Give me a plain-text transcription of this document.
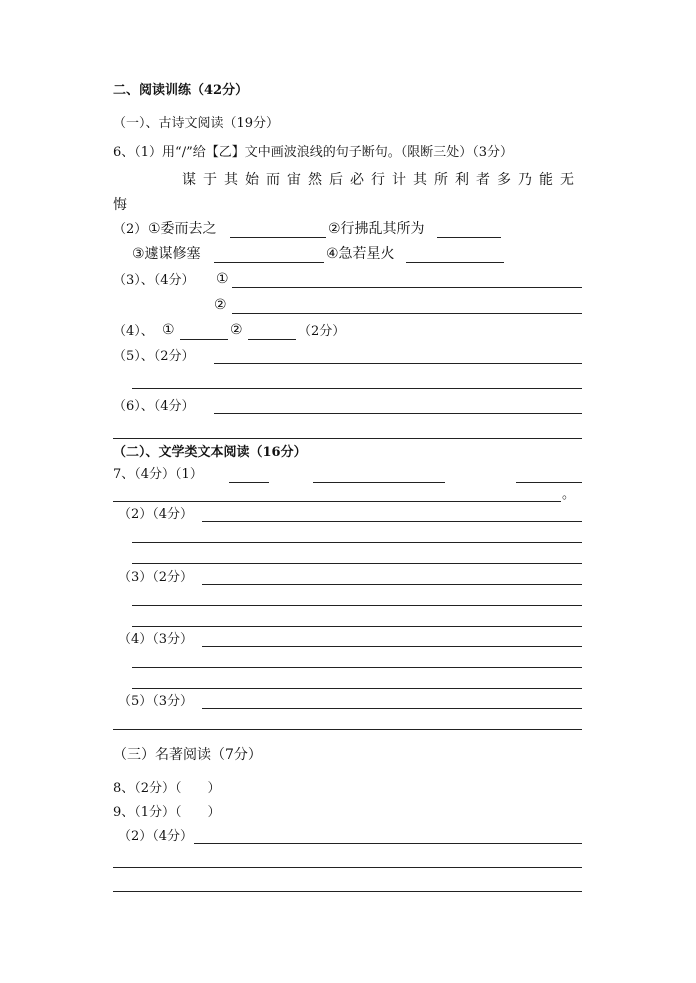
二、阅读训练（42分）
（一）、古诗文阅读（19分）
6、（1）用“/”给【乙】文中画波浪线的句子断句。（限断三处）（3分）
谋于其始而宙然后必行计其所利者多乃能无
悔
（2） ①委而去之	②行拂乱其所为
③遽谋修塞	④急若星火
（3）、（4分） ①
②
（4）、 ①	②	（2分）
（5）、（2分）
（6）、（4分）
（二）、文学类文本阅读（16分）
7、（4分）（1）
。
（2）（4分）
（3）（2分）
（4）（3分）
（5）（3分）
（三）名著阅读（7分）
8、（2分）（　　）
9、（1分）（　　）
（2）（4分）
